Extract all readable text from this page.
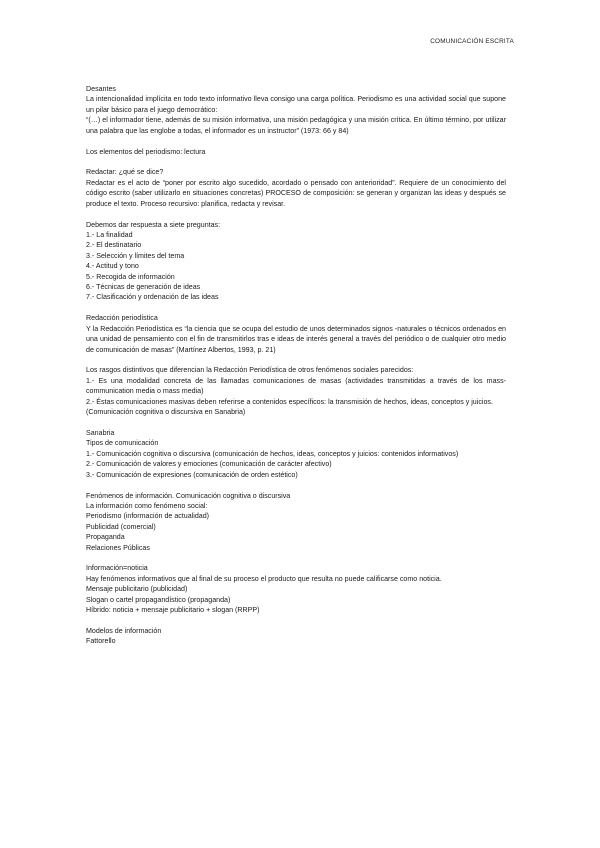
COMUNICACIÓN ESCRITA
Desantes
La intencionalidad implícita en todo texto informativo lleva consigo una carga política. Periodismo es una actividad social que supone un pilar básico para el juego democrático:
“(…) el informador tiene, además de su misión informativa, una misión pedagógica y una misión crítica. En último término, por utilizar una palabra que las englobe a todas, el informador es un instructor” (1973: 66 y 84)
Los elementos del periodismo: lectura
Redactar: ¿qué se dice?
Redactar es el acto de “poner por escrito algo sucedido, acordado o pensado con anterioridad”. Requiere de un conocimiento del código escrito (saber utilizarlo en situaciones concretas) PROCESO de composición: se generan y organizan las ideas y después se produce el texto. Proceso recursivo: planifica, redacta y revisar.
Debemos dar respuesta a siete preguntas:
1.- La finalidad
2.- El destinatario
3.- Selección y límites del tema
4.- Actitud y tono
5.- Recogida de información
6.- Técnicas de generación de ideas
7.- Clasificación y ordenación de las ideas
Redacción periodística
Y la Redacción Periodística es “la ciencia que se ocupa del estudio de unos determinados signos -naturales o técnicos ordenados en una unidad de pensamiento con el fin de transmitirlos tras e ideas de interés general a través del periódico o de cualquier otro medio de comunicación de masas” (Martínez Albertos, 1993, p. 21)
Los rasgos distintivos que diferencian la Redacción Periodística de otros fenómenos sociales parecidos:
1.- Es una modalidad concreta de las llamadas comunicaciones de masas (actividades transmitidas a través de los mass-communication media o mass media)
2.- Éstas comunicaciones masivas deben referirse a contenidos específicos: la transmisión de hechos, ideas, conceptos y juicios.
(Comunicación cognitiva o discursiva en Sanabria)
Sanabria
Tipos de comunicación
1.- Comunicación cognitiva o discursiva (comunicación de hechos, ideas, conceptos y juicios: contenidos informativos)
2.- Comunicación de valores y emociones (comunicación de carácter afectivo)
3.- Comunicación de expresiones (comunicación de orden estético)
Fenómenos de información. Comunicación cognitiva o discursiva
La información como fenómeno social:
Periodismo (información de actualidad)
Publicidad (comercial)
Propaganda
Relaciones Públicas
Información=noticia
Hay fenómenos informativos que al final de su proceso el producto que resulta no puede calificarse como noticia.
Mensaje publicitario (publicidad)
Slogan o cartel propagandístico (propaganda)
Híbrido: noticia + mensaje publicitario + slogan (RRPP)
Modelos de información
Fattorello
